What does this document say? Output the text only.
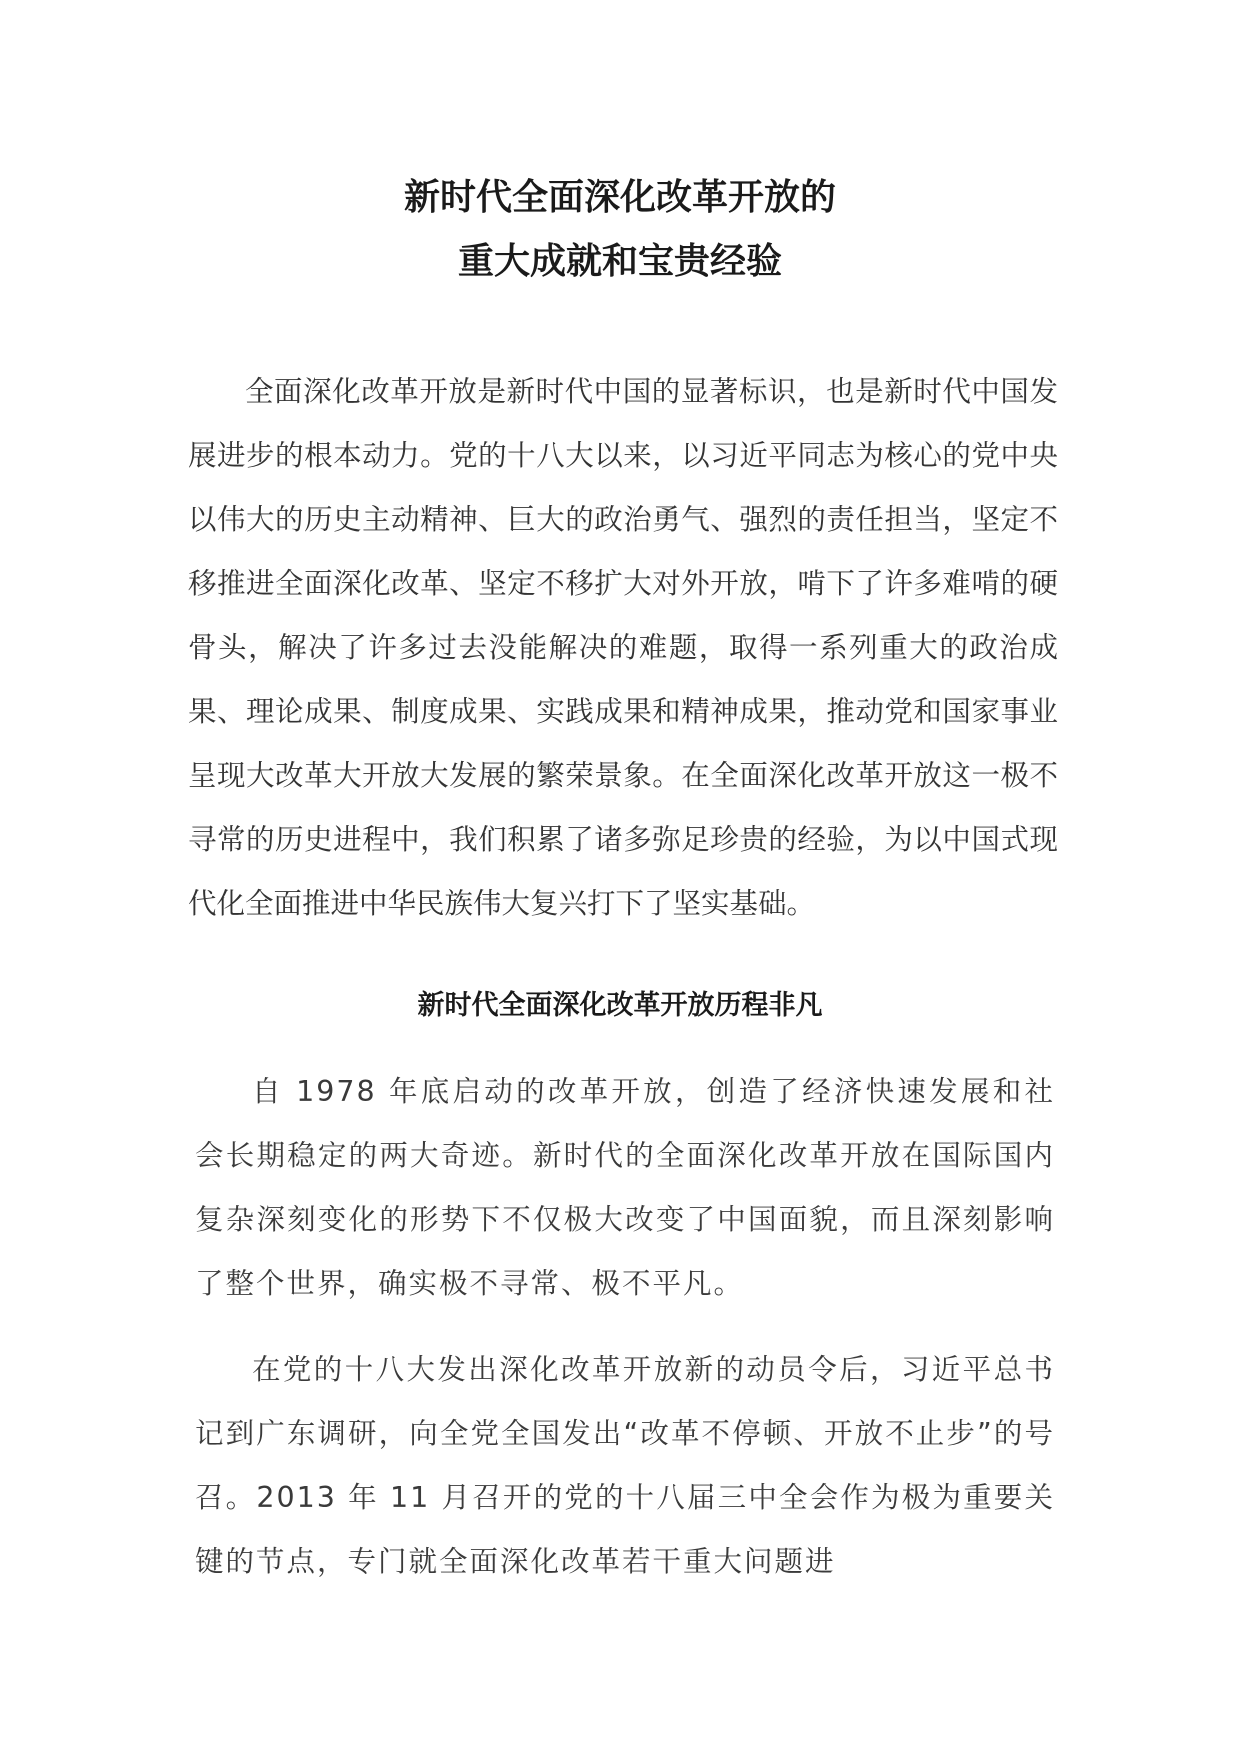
新时代全面深化改革开放的
重大成就和宝贵经验

全面深化改革开放是新时代中国的显著标识，也是新时代中国发展进步的根本动力。党的十八大以来，以习近平同志为核心的党中央以伟大的历史主动精神、巨大的政治勇气、强烈的责任担当，坚定不移推进全面深化改革、坚定不移扩大对外开放，啃下了许多难啃的硬骨头，解决了许多过去没能解决的难题，取得一系列重大的政治成果、理论成果、制度成果、实践成果和精神成果，推动党和国家事业呈现大改革大开放大发展的繁荣景象。在全面深化改革开放这一极不寻常的历史进程中，我们积累了诸多弥足珍贵的经验，为以中国式现代化全面推进中华民族伟大复兴打下了坚实基础。

新时代全面深化改革开放历程非凡

自 1978 年底启动的改革开放，创造了经济快速发展和社会长期稳定的两大奇迹。新时代的全面深化改革开放在国际国内复杂深刻变化的形势下不仅极大改变了中国面貌，而且深刻影响了整个世界，确实极不寻常、极不平凡。

在党的十八大发出深化改革开放新的动员令后，习近平总书记到广东调研，向全党全国发出“改革不停顿、开放不止步”的号召。2013 年 11 月召开的党的十八届三中全会作为极为重要关键的节点，专门就全面深化改革若干重大问题进
